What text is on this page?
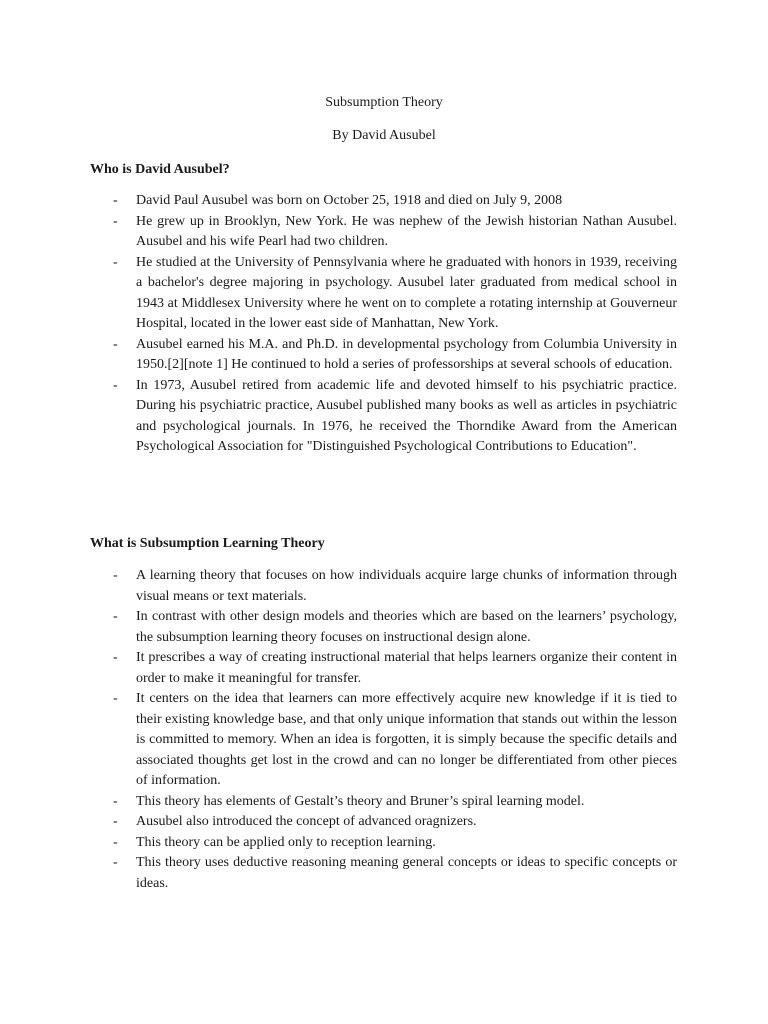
Subsumption Theory

By David Ausubel

Who is David Ausubel?
- David Paul Ausubel was born on October 25, 1918 and died on July 9, 2008
- He grew up in Brooklyn, New York. He was nephew of the Jewish historian Nathan Ausubel. Ausubel and his wife Pearl had two children.
- He studied at the University of Pennsylvania where he graduated with honors in 1939, receiving a bachelor's degree majoring in psychology. Ausubel later graduated from medical school in 1943 at Middlesex University where he went on to complete a rotating internship at Gouverneur Hospital, located in the lower east side of Manhattan, New York.
- Ausubel earned his M.A. and Ph.D. in developmental psychology from Columbia University in 1950.[2][note 1] He continued to hold a series of professorships at several schools of education.
- In 1973, Ausubel retired from academic life and devoted himself to his psychiatric practice. During his psychiatric practice, Ausubel published many books as well as articles in psychiatric and psychological journals. In 1976, he received the Thorndike Award from the American Psychological Association for "Distinguished Psychological Contributions to Education".
What is Subsumption Learning Theory
- A learning theory that focuses on how individuals acquire large chunks of information through visual means or text materials.
- In contrast with other design models and theories which are based on the learners’ psychology, the subsumption learning theory focuses on instructional design alone.
- It prescribes a way of creating instructional material that helps learners organize their content in order to make it meaningful for transfer.
- It centers on the idea that learners can more effectively acquire new knowledge if it is tied to their existing knowledge base, and that only unique information that stands out within the lesson is committed to memory. When an idea is forgotten, it is simply because the specific details and associated thoughts get lost in the crowd and can no longer be differentiated from other pieces of information.
- This theory has elements of Gestalt’s theory and Bruner’s spiral learning model.
- Ausubel also introduced the concept of advanced oragnizers.
- This theory can be applied only to reception learning.
- This theory uses deductive reasoning meaning general concepts or ideas to specific concepts or ideas.
